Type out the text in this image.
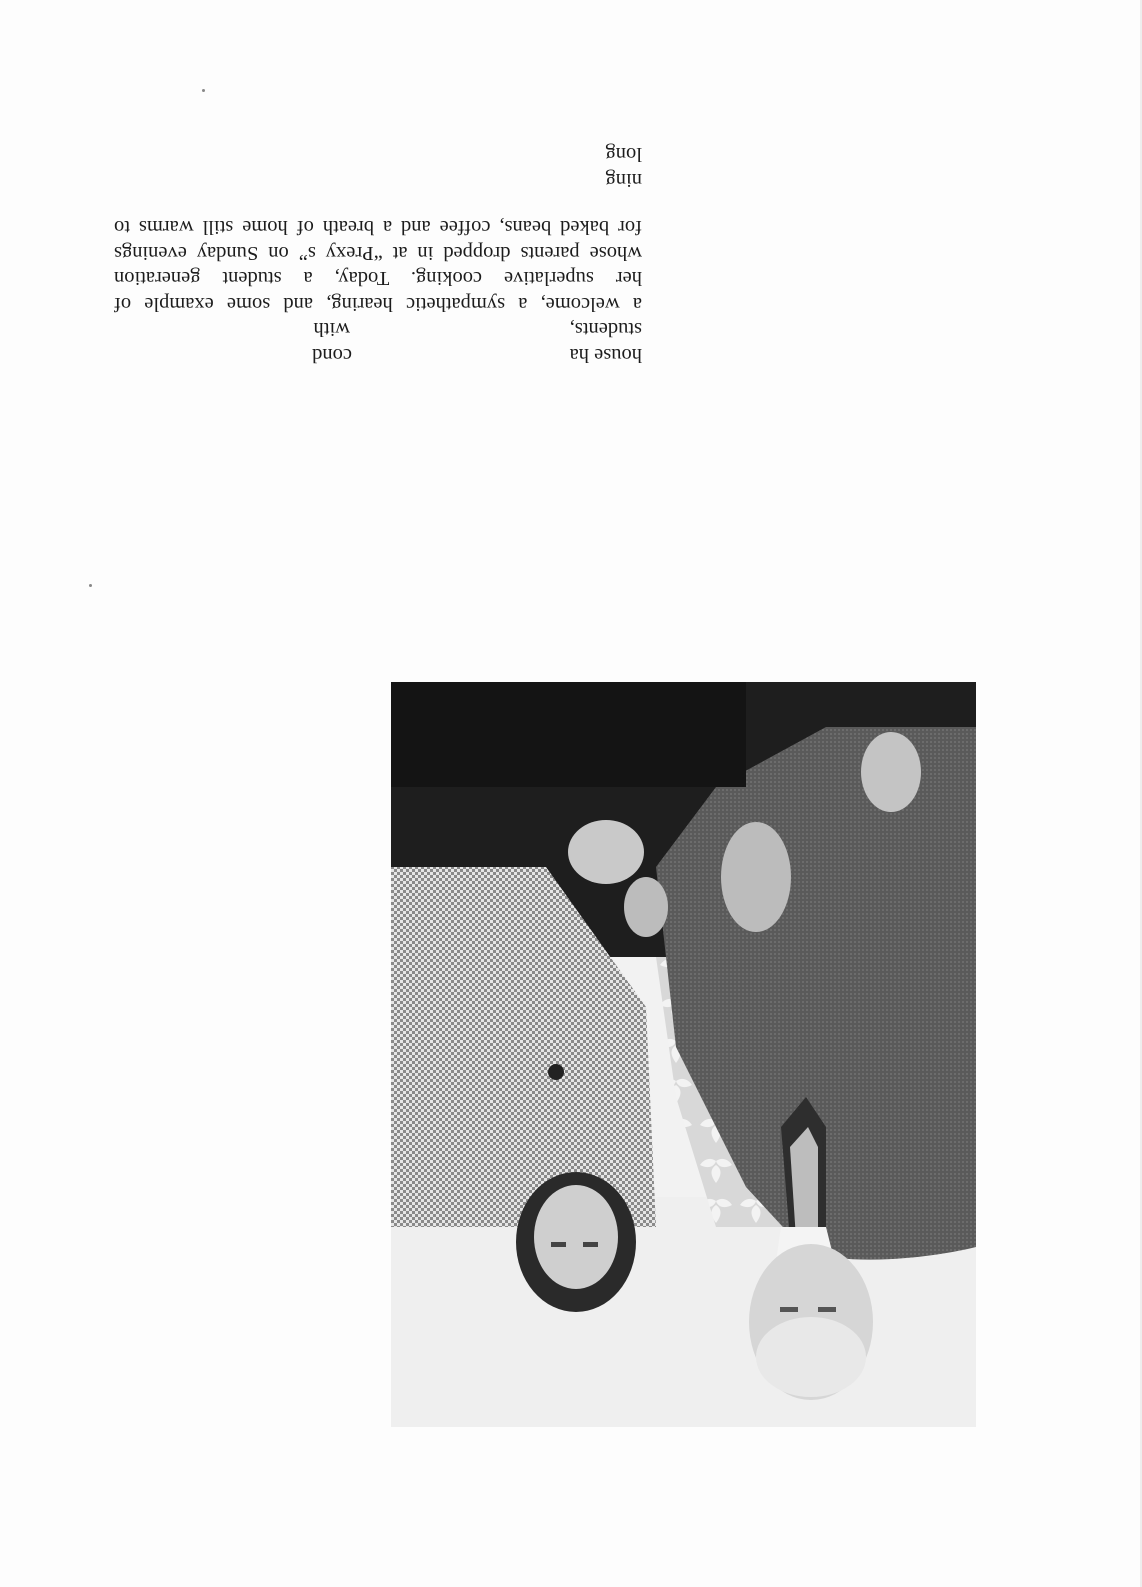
house ha
cond
students,
with
a welcome, a sympathetic hearing, and some example of
her superlative cooking. Today, a student generation
whose parents dropped in at “Prexy s” on Sunday evenings
for baked beans, coffee and a breath of home still warms to
ning
long
